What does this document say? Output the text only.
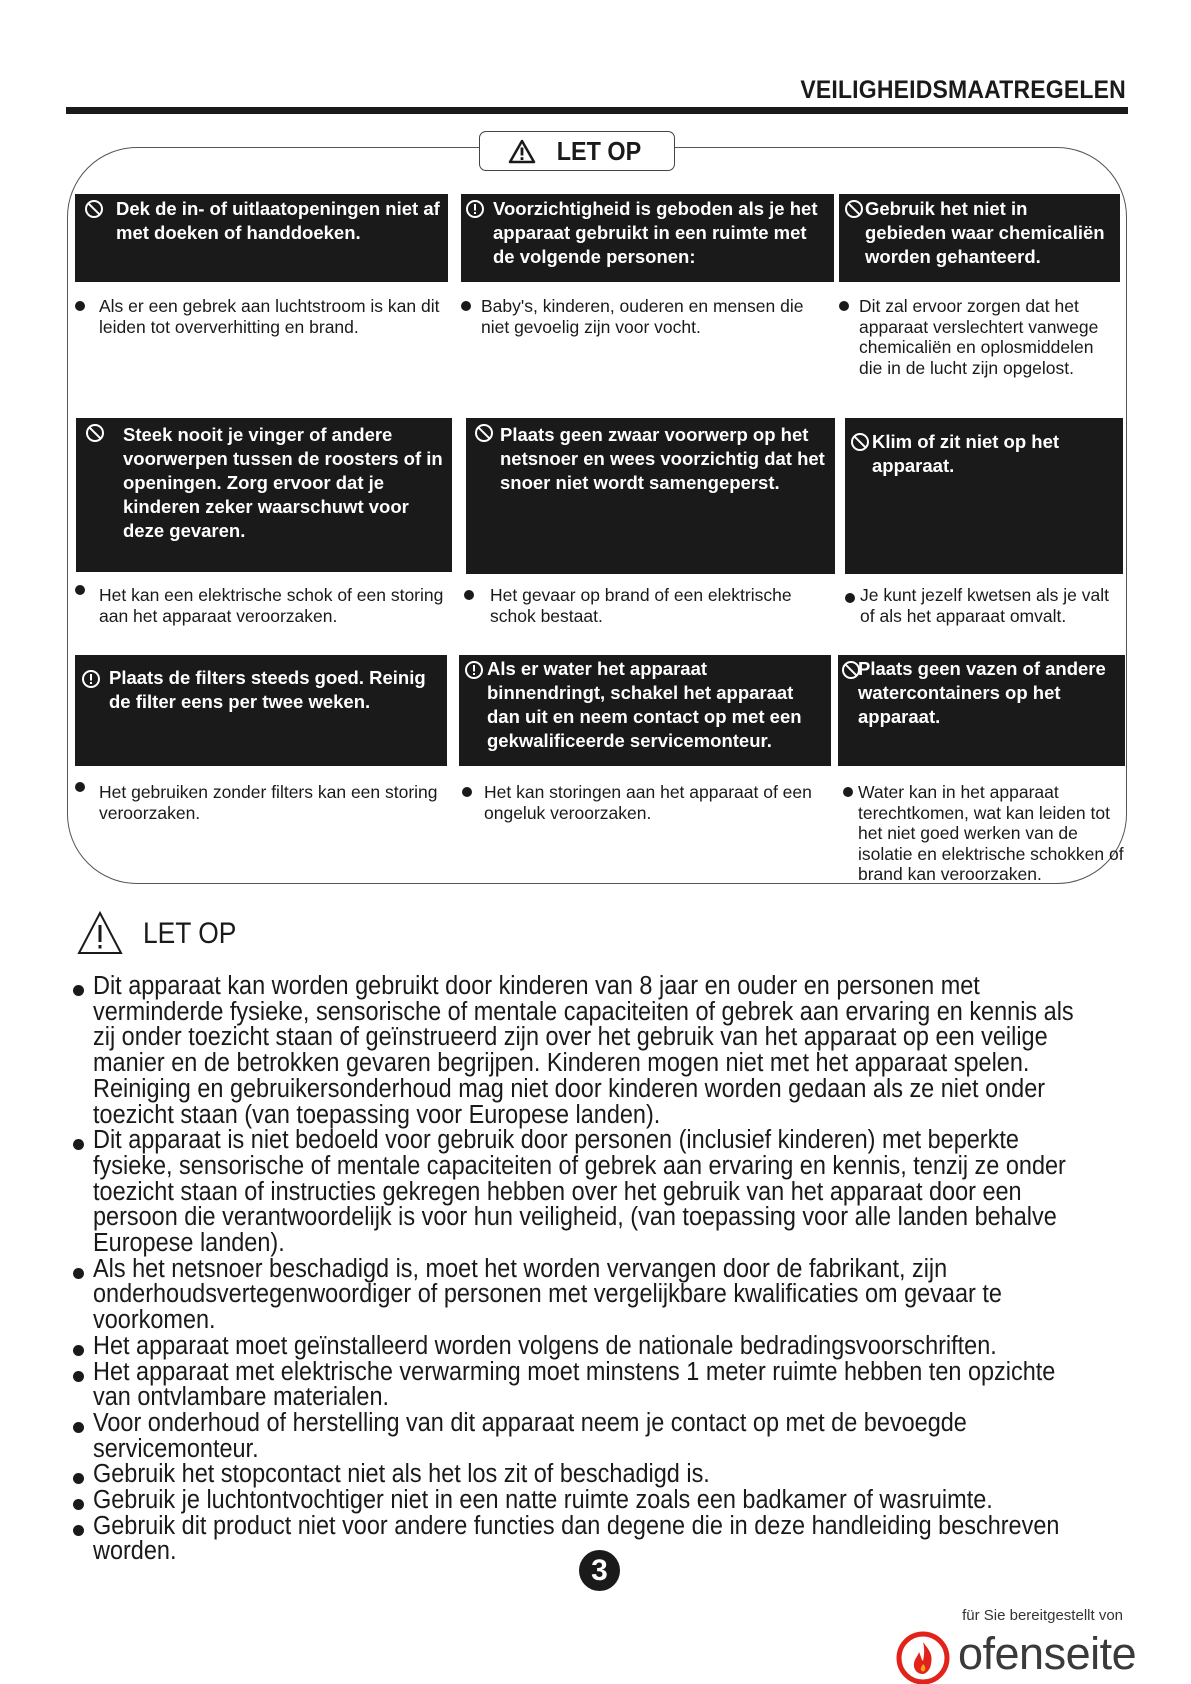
VEILIGHEIDSMAATREGELEN
LET OP
Dek de in- of uitlaatopeningen niet af met doeken of handdoeken.
Voorzichtigheid is geboden als je het apparaat gebruikt in een ruimte met de volgende personen:
Gebruik het niet in gebieden waar chemicaliën worden gehanteerd.
Als er een gebrek aan luchtstroom is kan dit leiden tot oververhitting en brand.
Baby's, kinderen, ouderen en mensen die niet gevoelig zijn voor vocht.
Dit zal ervoor zorgen dat het apparaat verslechtert vanwege chemicaliën en oplosmiddelen die in de lucht zijn opgelost.
Steek nooit je vinger of andere voorwerpen tussen de roosters of in openingen. Zorg ervoor dat je kinderen zeker waarschuwt voor deze gevaren.
Plaats geen zwaar voorwerp op het netsnoer en wees voorzichtig dat het snoer niet wordt samengeperst.
Klim of zit niet op het apparaat.
Het kan een elektrische schok of een storing aan het apparaat veroorzaken.
Het gevaar op brand of een elektrische schok bestaat.
Je kunt jezelf kwetsen als je valt of als het apparaat omvalt.
Plaats de filters steeds goed. Reinig de filter eens per twee weken.
Als er water het apparaat binnendringt, schakel het apparaat dan uit en neem contact op met een gekwalificeerde servicemonteur.
Plaats geen vazen of andere watercontainers op het apparaat.
Het gebruiken zonder filters kan een storing veroorzaken.
Het kan storingen aan het apparaat of een ongeluk veroorzaken.
Water kan in het apparaat terechtkomen, wat kan leiden tot het niet goed werken van de isolatie en elektrische schokken of brand kan veroorzaken.
LET OP
Dit apparaat kan worden gebruikt door kinderen van 8 jaar en ouder en personen met verminderde fysieke, sensorische of mentale capaciteiten of gebrek aan ervaring en kennis als zij onder toezicht staan of geïnstrueerd zijn over het gebruik van het apparaat op een veilige manier en de betrokken gevaren begrijpen. Kinderen mogen niet met het apparaat spelen. Reiniging en gebruikersonderhoud mag niet door kinderen worden gedaan als ze niet onder toezicht staan (van toepassing voor Europese landen).
Dit apparaat is niet bedoeld voor gebruik door personen (inclusief kinderen) met beperkte fysieke, sensorische of mentale capaciteiten of gebrek aan ervaring en kennis, tenzij ze onder toezicht staan of instructies gekregen hebben over het gebruik van het apparaat door een persoon die verantwoordelijk is voor hun veiligheid, (van toepassing voor alle landen behalve Europese landen).
Als het netsnoer beschadigd is, moet het worden vervangen door de fabrikant, zijn onderhoudsvertegenwoordiger of personen met vergelijkbare kwalificaties om gevaar te voorkomen.
Het apparaat moet geïnstalleerd worden volgens de nationale bedradingsvoorschriften.
Het apparaat met elektrische verwarming moet minstens 1 meter ruimte hebben ten opzichte van ontvlambare materialen.
Voor onderhoud of herstelling van dit apparaat neem je contact op met de bevoegde servicemonteur.
Gebruik het stopcontact niet als het los zit of beschadigd is.
Gebruik je luchtontvochtiger niet in een natte ruimte zoals een badkamer of wasruimte.
Gebruik dit product niet voor andere functies dan degene die in deze handleiding beschreven worden.
3
für Sie bereitgestellt von
ofenseite
